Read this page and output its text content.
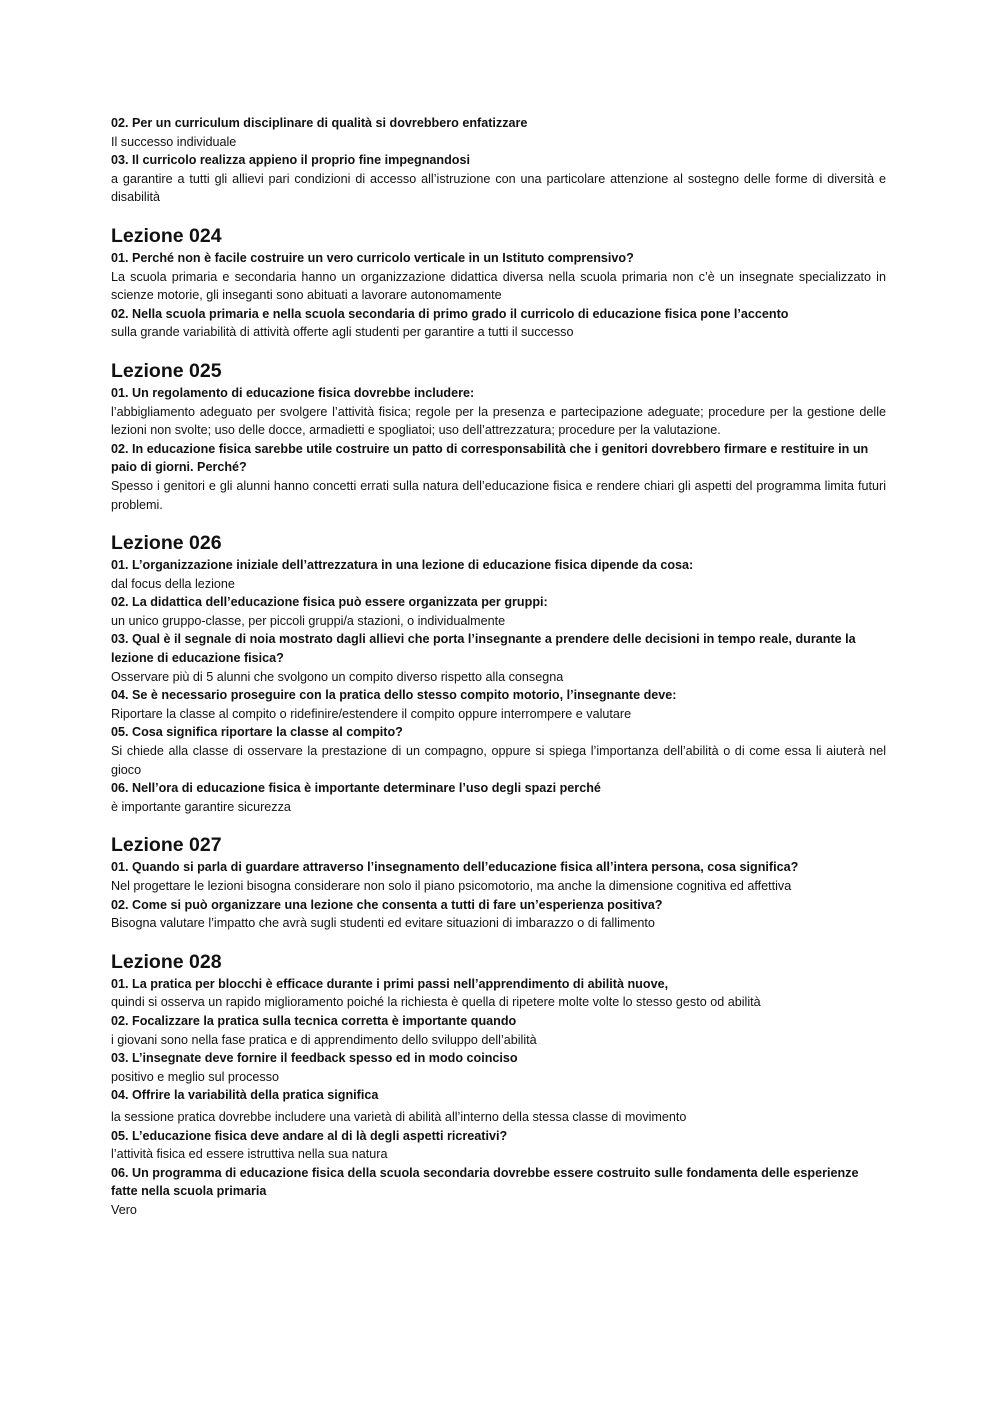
02. Per un curriculum disciplinare di qualità si dovrebbero enfatizzare

Il successo individuale

03. Il curricolo realizza appieno il proprio fine impegnandosi

a garantire a tutti gli allievi pari condizioni di accesso all’istruzione con una particolare attenzione al sostegno delle forme di diversità e disabilità

Lezione 024

01. Perché non è facile costruire un vero curricolo verticale in un Istituto comprensivo?

La scuola primaria e secondaria hanno un organizzazione didattica diversa nella scuola primaria non c’è un insegnate specializzato in scienze motorie, gli inseganti sono abituati a lavorare autonomamente

02. Nella scuola primaria e nella scuola secondaria di primo grado il curricolo di educazione fisica pone l’accento

sulla grande variabilità di attività offerte agli studenti per garantire a tutti il successo

Lezione 025

01. Un regolamento di educazione fisica dovrebbe includere:

l’abbigliamento adeguato per svolgere l’attività fisica; regole per la presenza e partecipazione adeguate; procedure per la gestione delle lezioni non svolte; uso delle docce, armadietti e spogliatoi; uso dell’attrezzatura; procedure per la valutazione.

02. In educazione fisica sarebbe utile costruire un patto di corresponsabilità che i genitori dovrebbero firmare e restituire in un paio di giorni. Perché?

Spesso i genitori e gli alunni hanno concetti errati sulla natura dell’educazione fisica e rendere chiari gli aspetti del programma limita futuri problemi.

Lezione 026

01. L’organizzazione iniziale dell’attrezzatura in una lezione di educazione fisica dipende da cosa:

dal focus della lezione

02. La didattica dell’educazione fisica può essere organizzata per gruppi:

un unico gruppo-classe, per piccoli gruppi/a stazioni, o individualmente

03. Qual è il segnale di noia mostrato dagli allievi che porta l’insegnante a prendere delle decisioni in tempo reale, durante la lezione di educazione fisica?

Osservare più di 5 alunni che svolgono un compito diverso rispetto alla consegna

04. Se è necessario proseguire con la pratica dello stesso compito motorio, l’insegnante deve:

Riportare la classe al compito o ridefinire/estendere il compito oppure interrompere e valutare

05. Cosa significa riportare la classe al compito?

Si chiede alla classe di osservare la prestazione di un compagno, oppure si spiega l’importanza dell’abilità o di come essa li aiuterà nel gioco

06. Nell’ora di educazione fisica è importante determinare l’uso degli spazi perché

è importante garantire sicurezza

Lezione 027

01. Quando si parla di guardare attraverso l’insegnamento dell’educazione fisica all’intera persona, cosa significa?

Nel progettare le lezioni bisogna considerare non solo il piano psicomotorio, ma anche la dimensione cognitiva ed affettiva

02. Come si può organizzare una lezione che consenta a tutti di fare un’esperienza positiva?

Bisogna valutare l’impatto che avrà sugli studenti ed evitare situazioni di imbarazzo o di fallimento

Lezione 028

01. La pratica per blocchi è efficace durante i primi passi nell’apprendimento di abilità nuove,

quindi si osserva un rapido miglioramento poiché la richiesta è quella di ripetere molte volte lo stesso gesto od abilità

02. Focalizzare la pratica sulla tecnica corretta è importante quando

i giovani sono nella fase pratica e di apprendimento dello sviluppo dell’abilità

03. L’insegnate deve fornire il feedback spesso ed in modo coinciso

positivo e meglio sul processo

04. Offrire la variabilità della pratica significa

la sessione pratica dovrebbe includere una varietà di abilità all’interno della stessa classe di movimento

05. L’educazione fisica deve andare al di là degli aspetti ricreativi?

l’attività fisica ed essere istruttiva nella sua natura

06. Un programma di educazione fisica della scuola secondaria dovrebbe essere costruito sulle fondamenta delle esperienze fatte nella scuola primaria

Vero
